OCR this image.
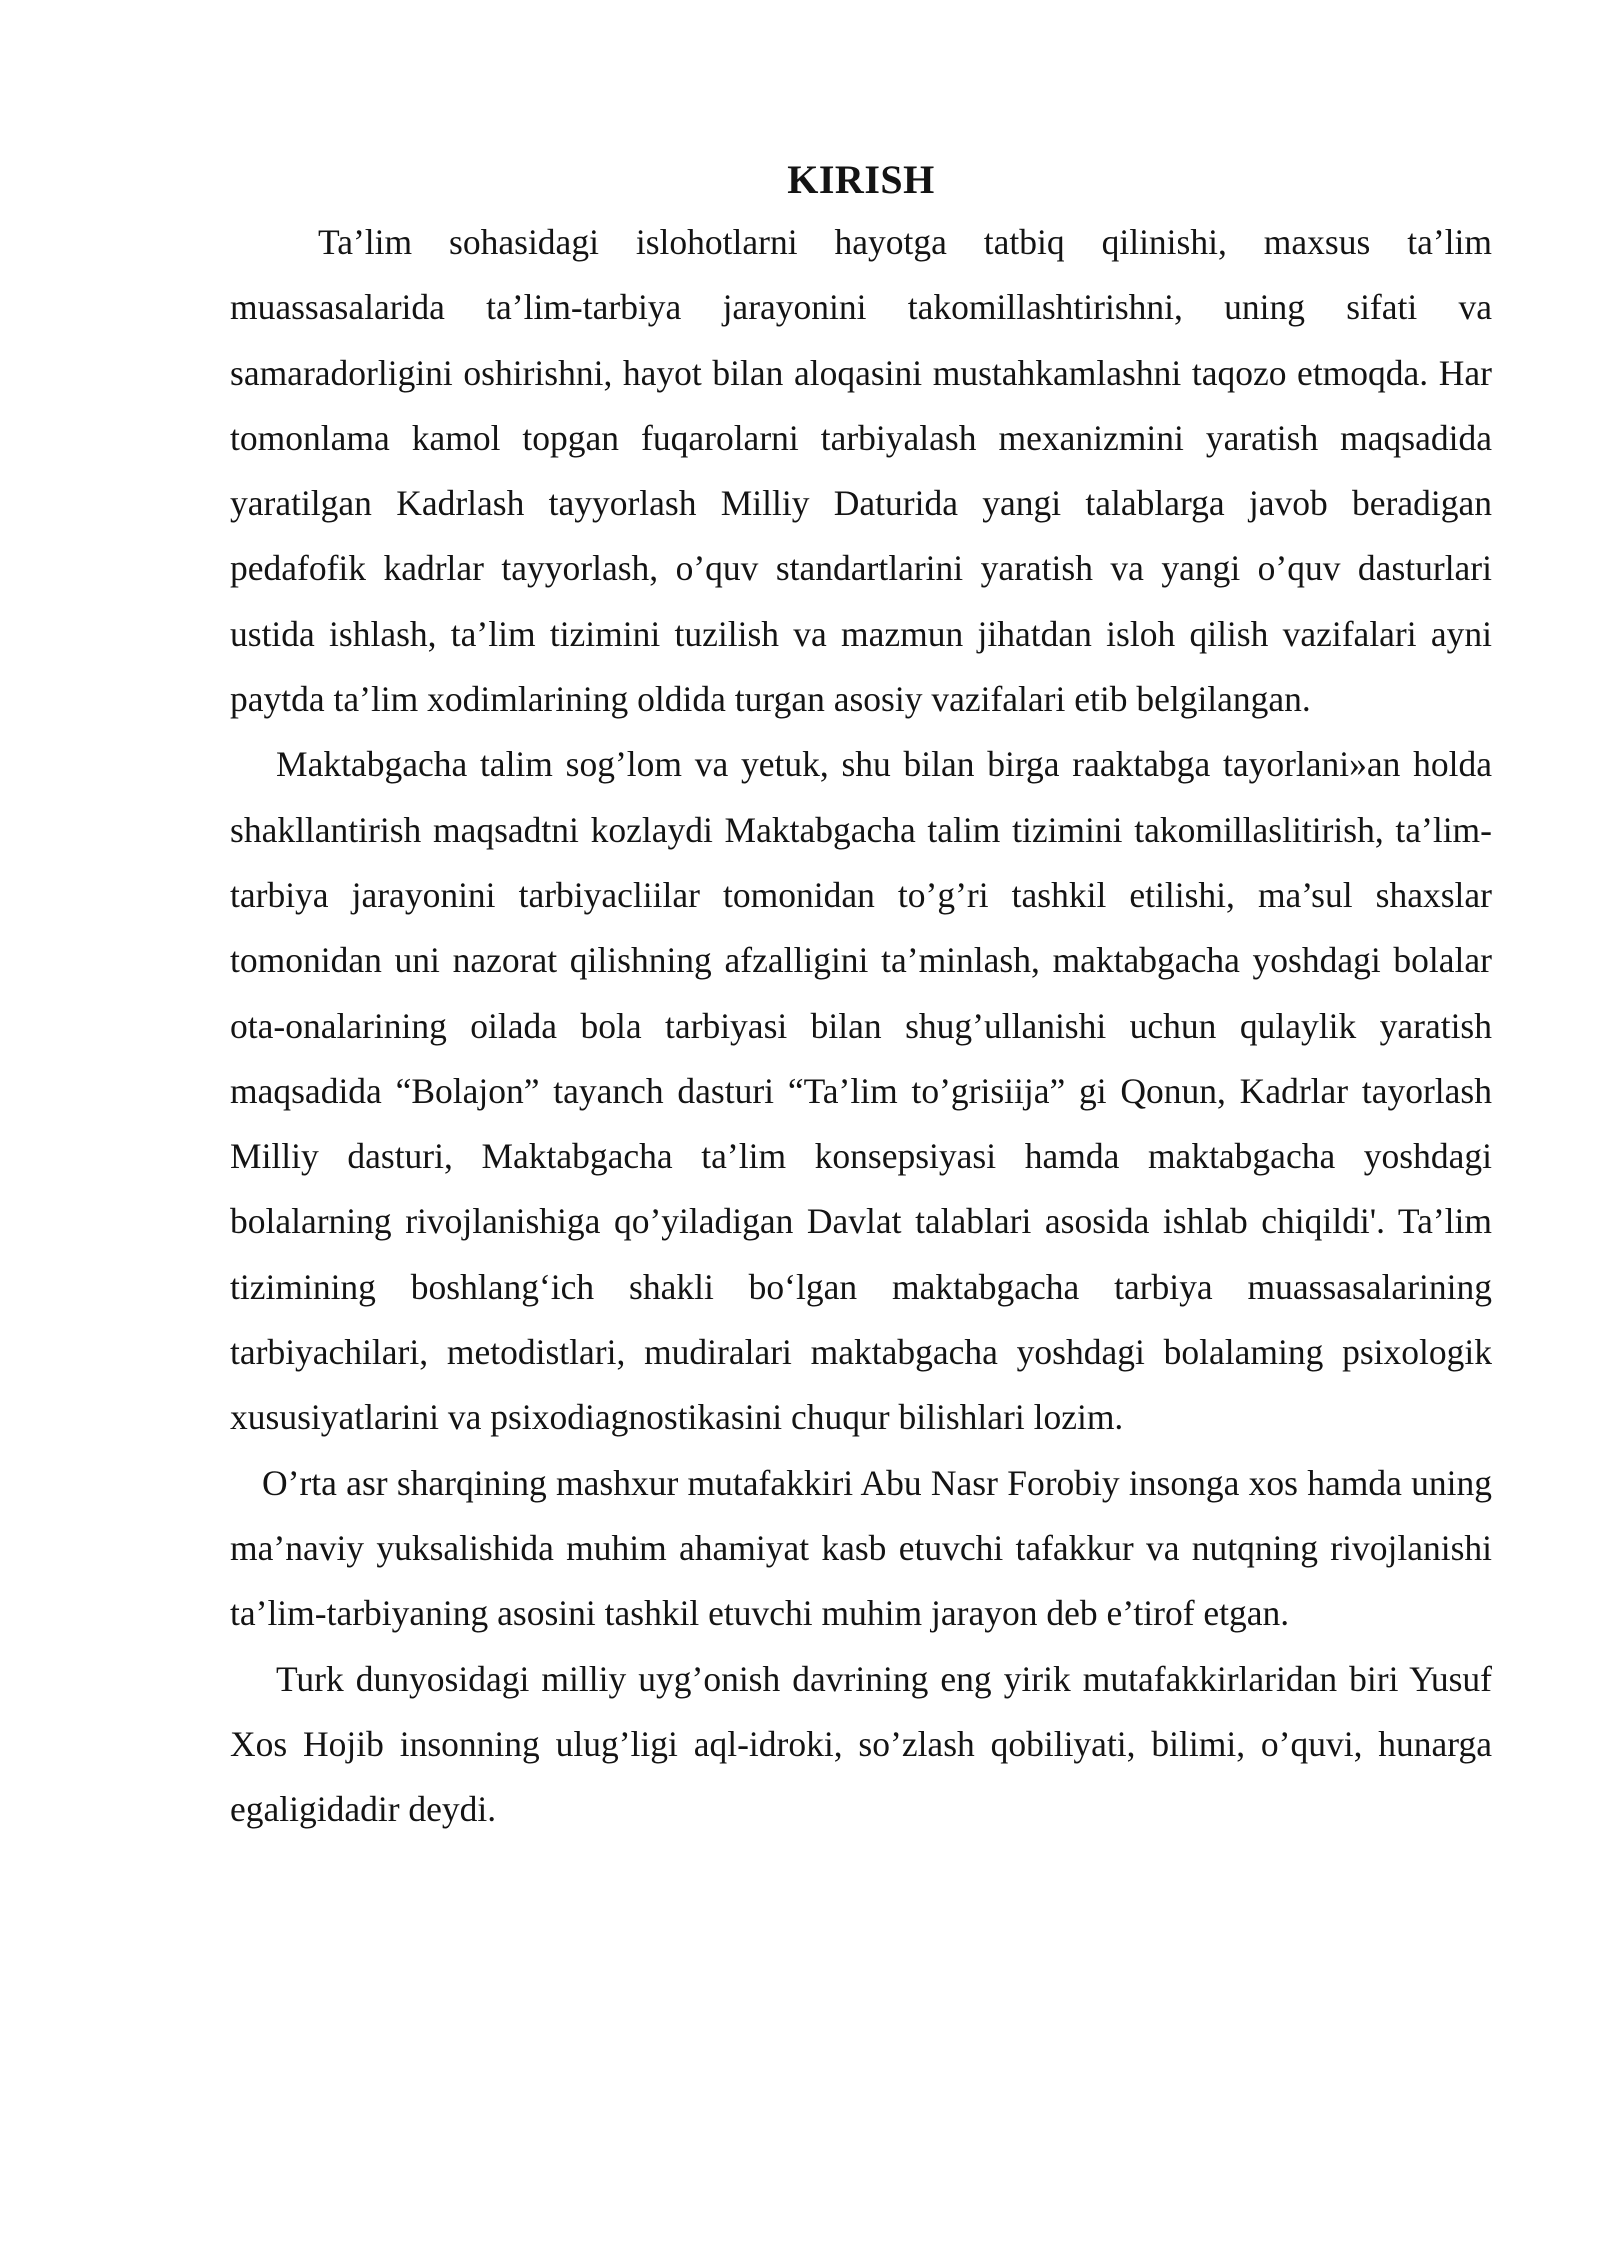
KIRISH

Ta’lim sohasidagi islohotlarni hayotga tatbiq qilinishi, maxsus ta’lim muassasalarida ta’lim-tarbiya jarayonini takomillashtirishni, uning sifati va samaradorligini oshirishni, hayot bilan aloqasini mustahkamlashni taqozo etmoqda. Har tomonlama kamol topgan fuqarolarni tarbiyalash mexanizmini yaratish maqsadida yaratilgan Kadrlash tayyorlash Milliy Daturida yangi talablarga javob beradigan pedafofik kadrlar tayyorlash, o’quv standartlarini yaratish va yangi o’quv dasturlari ustida ishlash, ta’lim tizimini tuzilish va mazmun jihatdan isloh qilish vazifalari ayni paytda ta’lim xodimlarining oldida turgan asosiy vazifalari etib belgilangan.

Maktabgacha talim sog’lom va yetuk, shu bilan birga raaktabga tayorlani»an holda shakllantirish maqsadtni kozlaydi Maktabgacha talim tizimini takomillaslitirish, ta’lim-tarbiya jarayonini tarbiyacliilar tomonidan to’g’ri tashkil etilishi, ma’sul shaxslar tomonidan uni nazorat qilishning afzalligini ta’minlash, maktabgacha yoshdagi bolalar ota-onalarining oilada bola tarbiyasi bilan shug’ullanishi uchun qulaylik yaratish maqsadida “Bolajon” tayanch dasturi “Ta’lim to’grisiija” gi Qonun, Kadrlar tayorlash Milliy dasturi, Maktabgacha ta’lim konsepsiyasi hamda maktabgacha yoshdagi bolalarning rivojlanishiga qo’yiladigan Davlat talablari asosida ishlab chiqildi'. Ta’lim tizimining boshlang‘ich shakli bo‘lgan maktabgacha tarbiya muassasalarining tarbiyachilari, metodistlari, mudiralari maktabgacha yoshdagi bolalaming psixologik xususiyatlarini va psixodiagnostikasini chuqur bilishlari lozim.

O’rta asr sharqining mashxur mutafakkiri Abu Nasr Forobiy insonga xos hamda uning ma’naviy yuksalishida muhim ahamiyat kasb etuvchi tafakkur va nutqning rivojlanishi ta’lim-tarbiyaning asosini tashkil etuvchi muhim jarayon deb e’tirof etgan.

Turk dunyosidagi milliy uyg’onish davrining eng yirik mutafakkirlaridan biri Yusuf Xos Hojib insonning ulug’ligi aql-idroki, so’zlash qobiliyati, bilimi, o’quvi, hunarga egaligidadir deydi.
